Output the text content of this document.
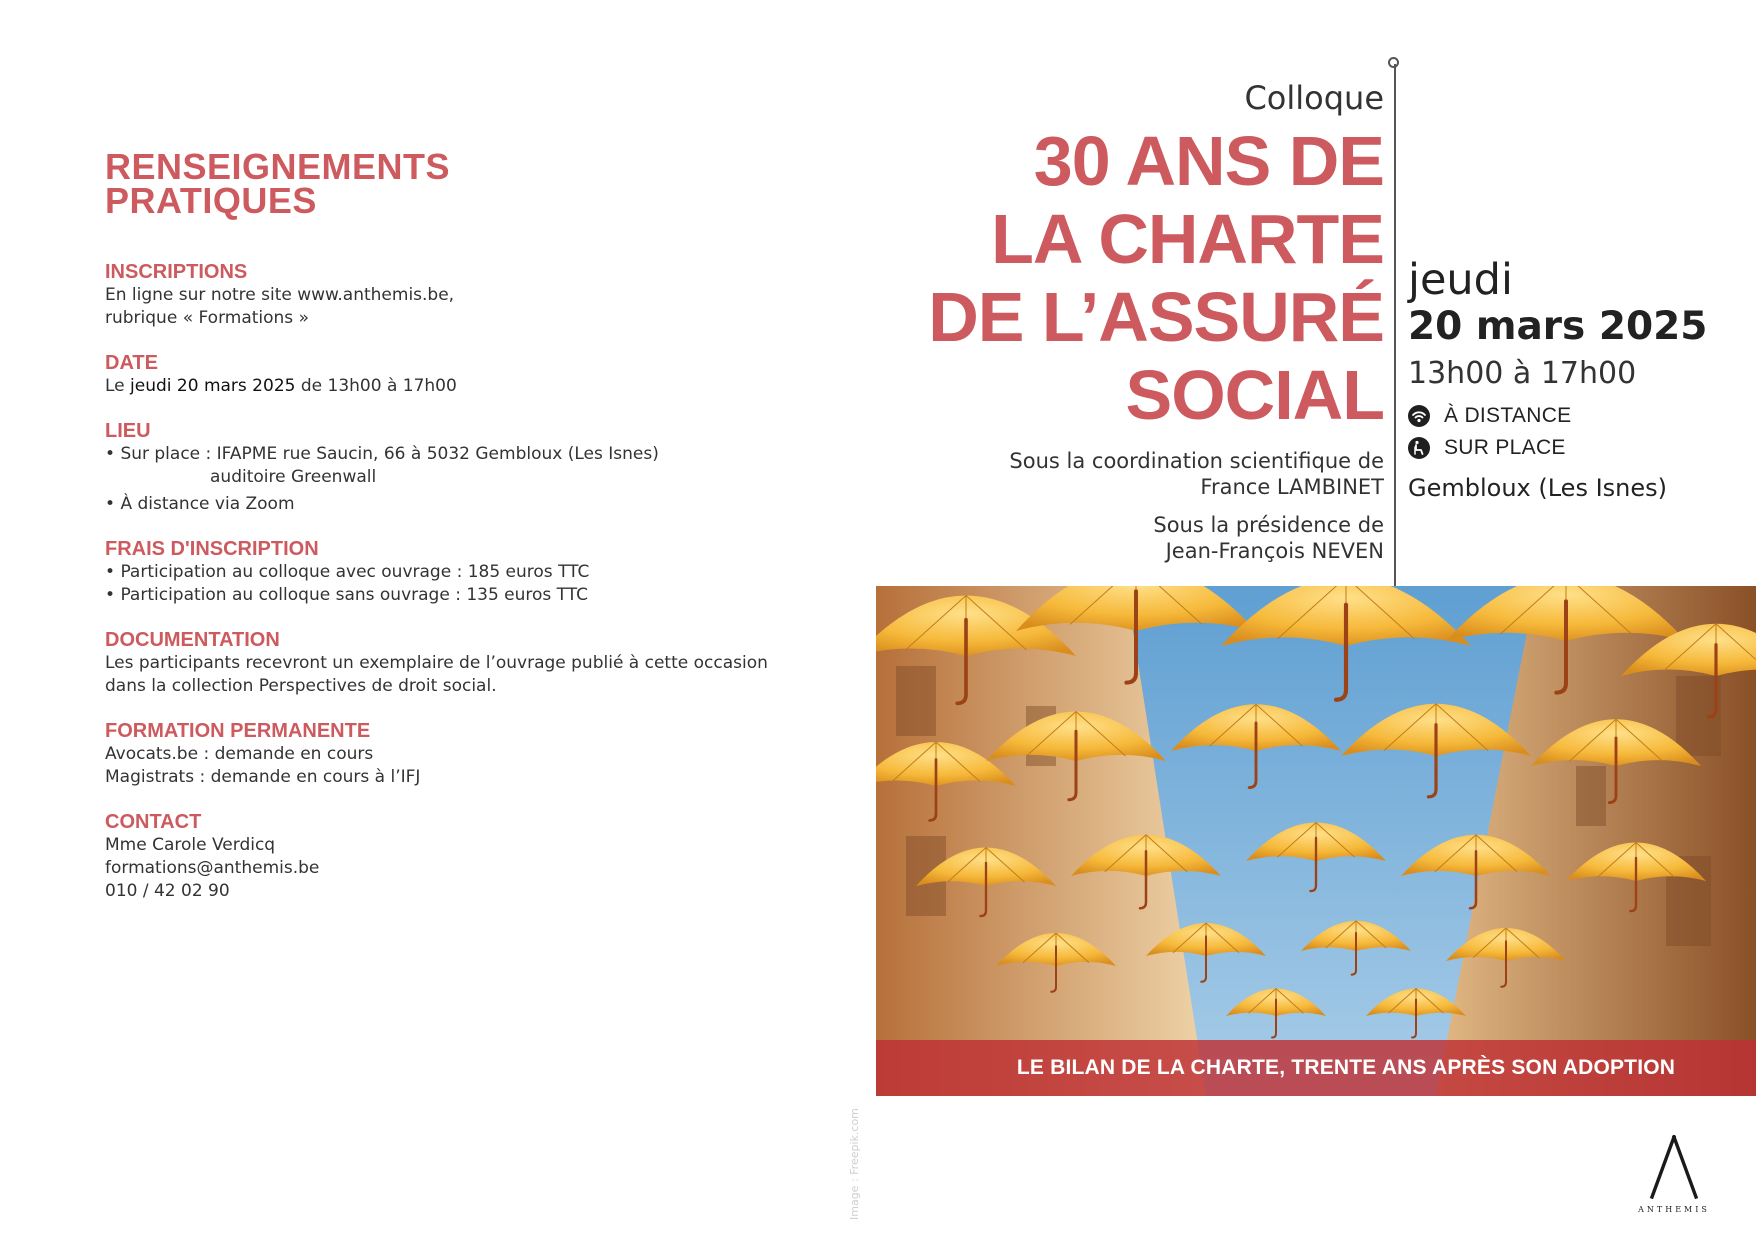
RENSEIGNEMENTS
PRATIQUES
INSCRIPTIONS
En ligne sur notre site www.anthemis.be,
rubrique « Formations »
DATE
Le jeudi 20 mars 2025 de 13h00 à 17h00
LIEU
• Sur place : IFAPME rue Saucin, 66 à 5032 Gembloux (Les Isnes)
auditoire Greenwall
• À distance via Zoom
FRAIS D'INSCRIPTION
• Participation au colloque avec ouvrage : 185 euros TTC
• Participation au colloque sans ouvrage : 135 euros TTC
DOCUMENTATION
Les participants recevront un exemplaire de l’ouvrage publié à cette occasion
dans la collection Perspectives de droit social.
FORMATION PERMANENTE
Avocats.be : demande en cours
Magistrats : demande en cours à l’IFJ
CONTACT
Mme Carole Verdicq
formations@anthemis.be
010 / 42 02 90
Colloque
30 ANS DE
LA CHARTE
DE L’ASSURÉ
SOCIAL
Sous la coordination scientifique de
France LAMBINET
Sous la présidence de
Jean-François NEVEN
jeudi
20 mars 2025
13h00 à 17h00
À DISTANCE
SUR PLACE
Gembloux (Les Isnes)
LE BILAN DE LA CHARTE, TRENTE ANS APRÈS SON ADOPTION
Image : Freepik.com	ANTHEMIS
